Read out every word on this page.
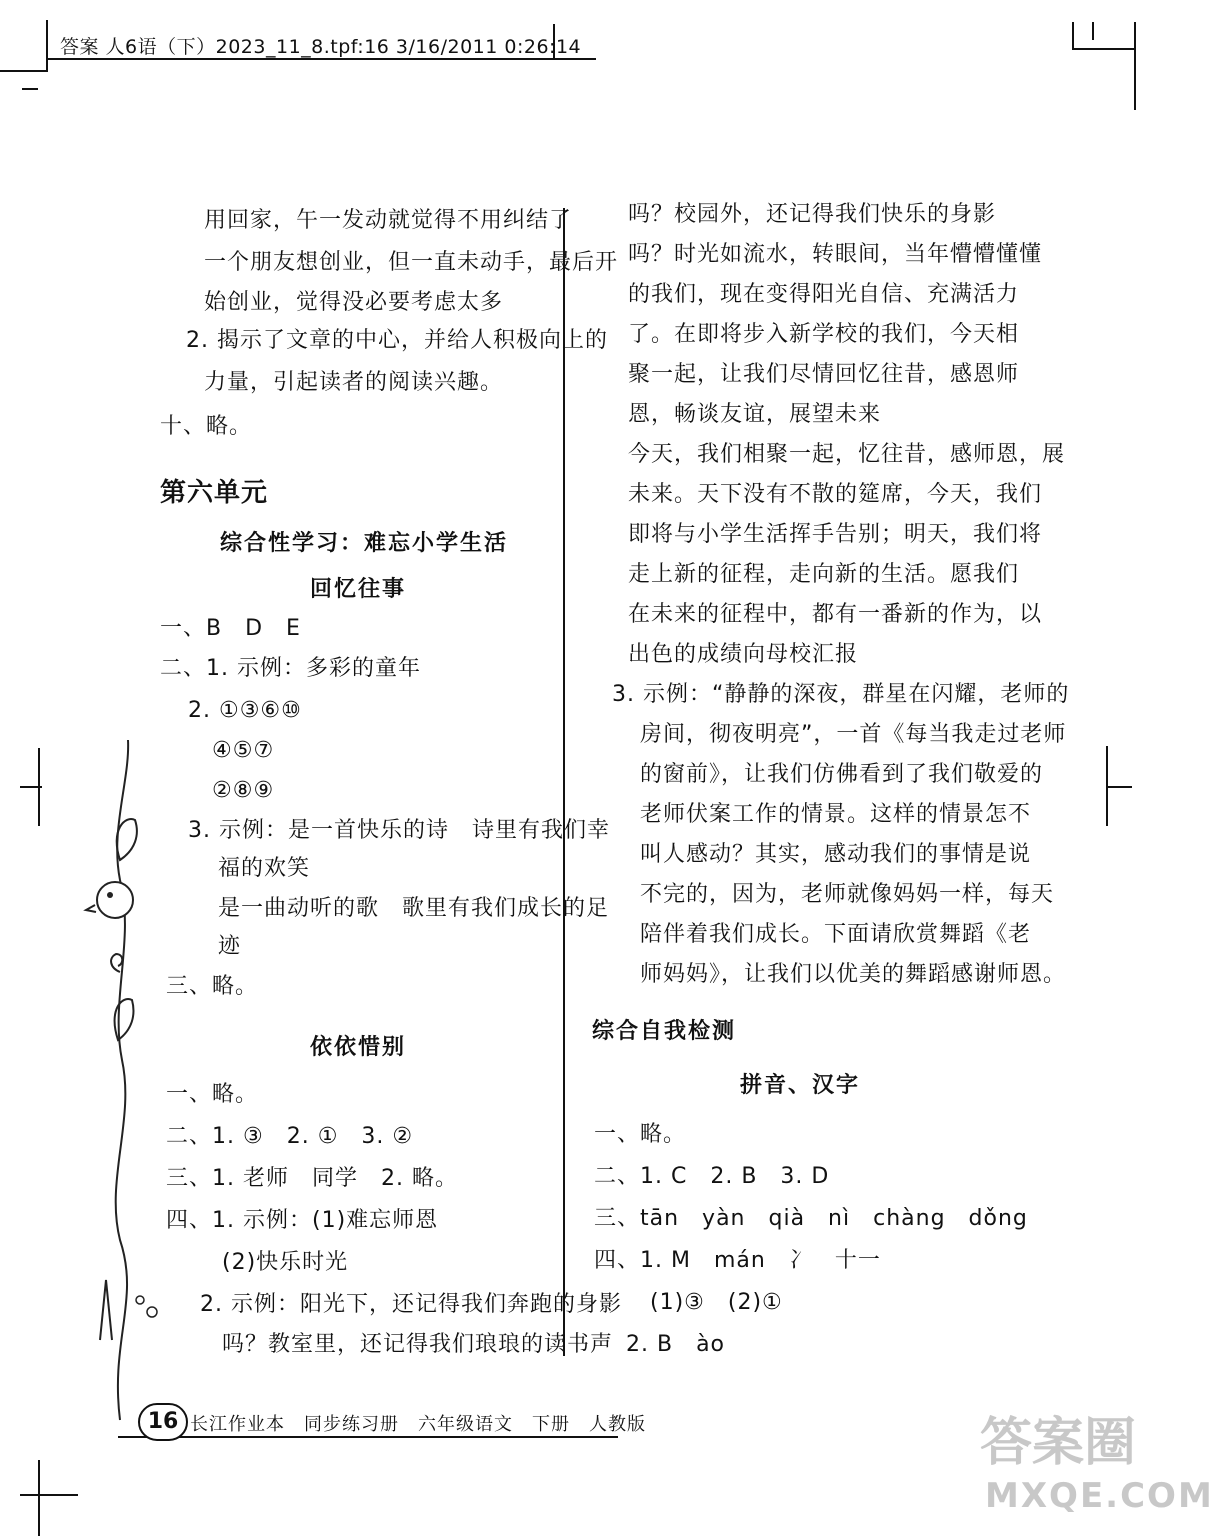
答案 人6语（下）2023_11_8.tpf:16 3/16/2011 0:26:14
用回家，午一发动就觉得不用纠结了
一个朋友想创业，但一直未动手，最后开
始创业，觉得没必要考虑太多
2. 揭示了文章的中心，并给人积极向上的
力量，引起读者的阅读兴趣。
十、略。
第六单元
综合性学习：难忘小学生活
回忆往事
一、B　D　E
二、1. 示例：多彩的童年
2. ①③⑥⑩
④⑤⑦
②⑧⑨
3. 示例：是一首快乐的诗　诗里有我们幸
福的欢笑
是一曲动听的歌　歌里有我们成长的足
迹
三、略。
依依惜别
一、略。
二、1. ③　2. ①　3. ②
三、1. 老师　同学　2. 略。
四、1. 示例：(1)难忘师恩
(2)快乐时光
2. 示例：阳光下，还记得我们奔跑的身影
吗？教室里，还记得我们琅琅的读书声
吗？校园外，还记得我们快乐的身影
吗？时光如流水，转眼间，当年懵懵懂懂
的我们，现在变得阳光自信、充满活力
了。在即将步入新学校的我们，今天相
聚一起，让我们尽情回忆往昔，感恩师
恩，畅谈友谊，展望未来
今天，我们相聚一起，忆往昔，感师恩，展
未来。天下没有不散的筵席，今天，我们
即将与小学生活挥手告别；明天，我们将
走上新的征程，走向新的生活。愿我们
在未来的征程中，都有一番新的作为，以
出色的成绩向母校汇报
3. 示例：“静静的深夜，群星在闪耀，老师的
房间，彻夜明亮”，一首《每当我走过老师
的窗前》，让我们仿佛看到了我们敬爱的
老师伏案工作的情景。这样的情景怎不
叫人感动？其实，感动我们的事情是说
不完的，因为，老师就像妈妈一样，每天
陪伴着我们成长。下面请欣赏舞蹈《老
师妈妈》，让我们以优美的舞蹈感谢师恩。
综合自我检测
拼音、汉字
一、略。
二、1. C　2. B　3. D
三、tān　yàn　qià　nì　chàng　dǒng
四、1. M　mán　冫　十一
(1)③　(2)①
2. B　ào
16 长江作业本　同步练习册　六年级语文　下册　人教版	答案圈
MXQE.COM
